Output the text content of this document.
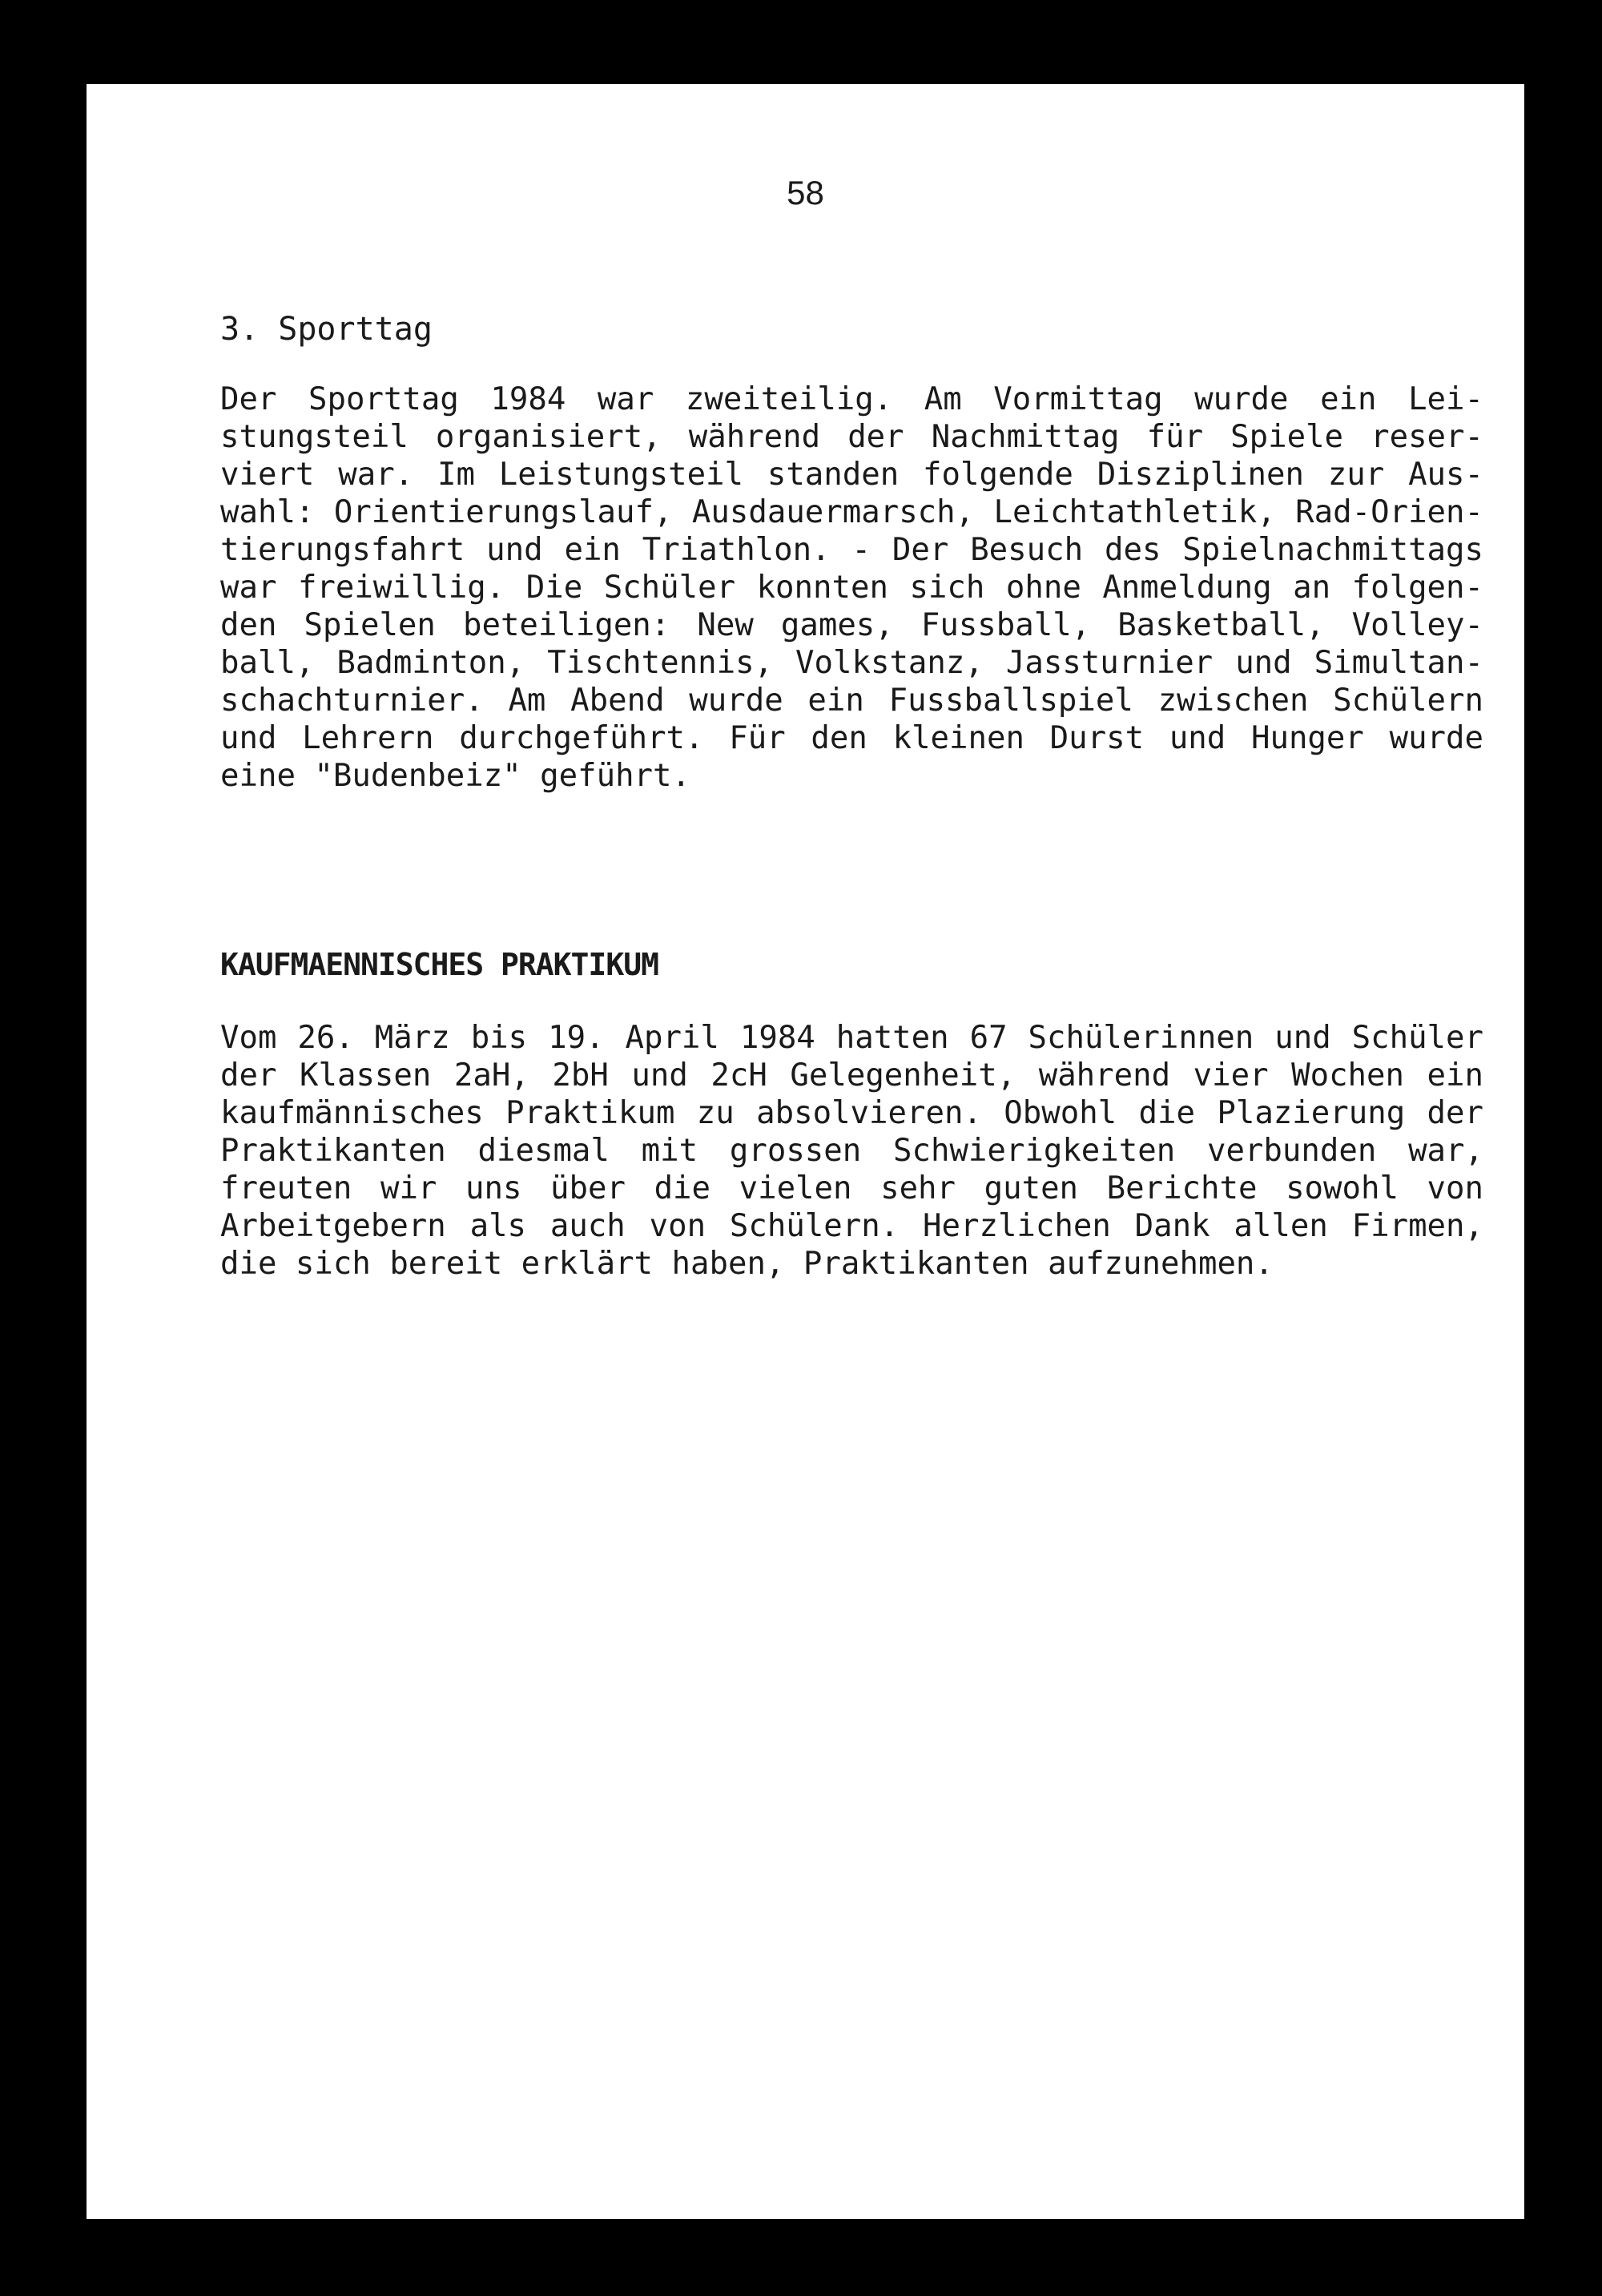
58
3. Sporttag

Der Sporttag 1984 war zweiteilig. Am Vormittag wurde ein Lei-
stungsteil organisiert, während der Nachmittag für Spiele reser-
viert war. Im Leistungsteil standen folgende Disziplinen zur Aus-
wahl: Orientierungslauf, Ausdauermarsch, Leichtathletik, Rad-Orien-
tierungsfahrt und ein Triathlon. - Der Besuch des Spielnachmittags
war freiwillig. Die Schüler konnten sich ohne Anmeldung an folgen-
den Spielen beteiligen: New games, Fussball, Basketball, Volley-
ball, Badminton, Tischtennis, Volkstanz, Jassturnier und Simultan-
schachturnier. Am Abend wurde ein Fussballspiel zwischen Schülern
und Lehrern durchgeführt. Für den kleinen Durst und Hunger wurde
eine "Budenbeiz" geführt.

KAUFMAENNISCHES PRAKTIKUM

Vom 26. März bis 19. April 1984 hatten 67 Schülerinnen und Schüler
der Klassen 2aH, 2bH und 2cH Gelegenheit, während vier Wochen ein
kaufmännisches Praktikum zu absolvieren. Obwohl die Plazierung der
Praktikanten diesmal mit grossen Schwierigkeiten verbunden war,
freuten wir uns über die vielen sehr guten Berichte sowohl von
Arbeitgebern als auch von Schülern. Herzlichen Dank allen Firmen,
die sich bereit erklärt haben, Praktikanten aufzunehmen.
